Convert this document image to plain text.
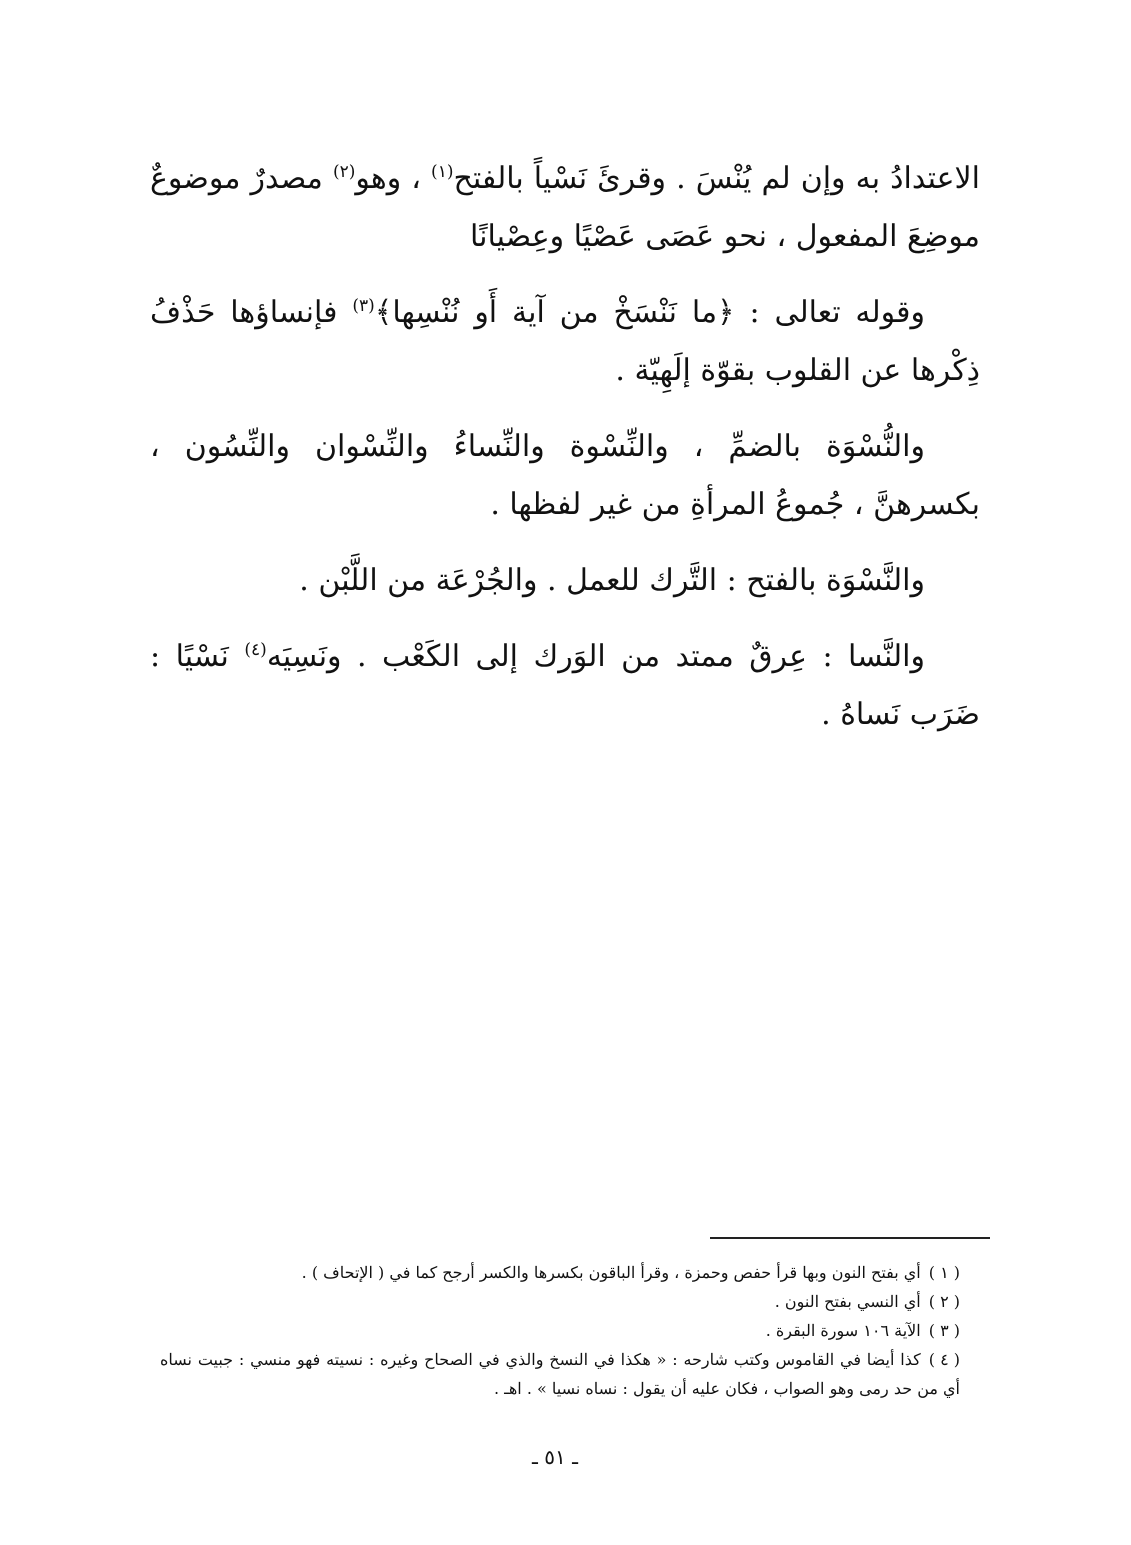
الاعتدادُ به وإن لم يُنْسَ . وقرئَ نَسْياً بالفتح$^{(١)}$ ، وهو$^{(٢)}$ مصدرٌ موضوعٌ موضِعَ المفعول ، نحو عَصَى عَصْيًا وعِصْيانًا

وقوله تعالى : ﴿ما نَنْسَخْ من آية أَو نُنْسِها﴾$^{(٣)}$ فإنساؤها حَذْفُ ذِكْرها عن القلوب بقوّة إلَهِيّة .

والنُّسْوَة بالضمِّ ، والنِّسْوة والنِّساءُ والنِّسْوان والنِّسُون ، بكسرهنَّ ، جُموعُ المرأةِ من غير لفظها .

والنَّسْوَة بالفتح : التَّرك للعمل . والجُرْعَة من اللَّبْن .

والنَّسا : عِرقٌ ممتد من الوَرك إلى الكَعْب . ونَسِيَه$^{(٤)}$ نَسْيًا : ضَرَب نَساهُ .

( ١ )أي بفتح النون وبها قرأ حفص وحمزة ، وقرأ الباقون بكسرها والكسر أرجح كما في ( الإتحاف ) .

( ٢ )أي النسي بفتح النون .

( ٣ )الآية ١٠٦ سورة البقرة .

( ٤ )كذا أيضا في القاموس وكتب شارحه : « هكذا في النسخ والذي في الصحاح وغيره : نسيته فهو منسي : جبيت نساه أي من حد رمى وهو الصواب ، فكان عليه أن يقول : نساه نسيا » . اهـ .

ـ ٥١ ـ
